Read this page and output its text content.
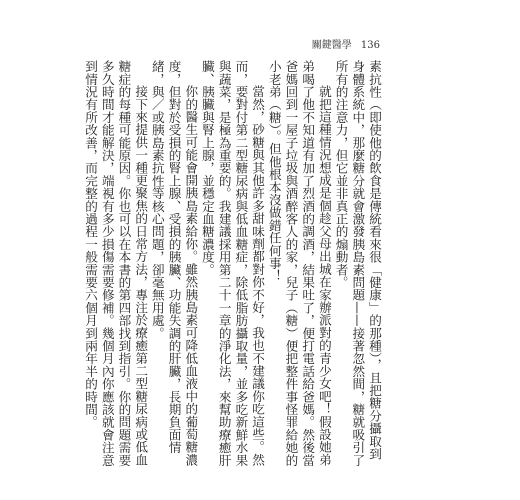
關鍵醫學 136

素抗性（即使他的飲食是傳統看來很「健康」的那種），且把糖分攝取到身體系統中，那麼糖分就會激發胰島素問題——接著忽然間，糖就吸引了所有的注意力，但它並非真正的煽動者。

就把這種情況想成是個趁父母出城在家辦派對的青少女吧！假設她弟弟喝了他不知道有加了烈酒的調酒，結果吐了，便打電話給爸媽。然後當爸媽回到一屋子垃圾與酒醉客人的家，兒子（糖）便把整件事怪罪給她的小老弟（糖）。但他根本沒做錯任何事！

當然，砂糖與其他許多甜味劑都對你不好，我也不建議你吃這些。然而，要對付第二型糖尿病與低血糖症，除低脂肪攝取量，並多吃新鮮水果與蔬菜，是極為重要的。我建議採用第二十一章的淨化法，來幫助療癒肝臟、胰臟與腎上腺，並穩定血糖濃度。

你的醫生可能會開胰島素給你。雖然胰島素可降低血液中的葡萄糖濃度，但對於受損的腎上腺、受損的胰臟、功能失調的肝臟，長期負面情緒，與／或胰島素抗性等核心問題，卻毫無用處。

接下來提供一種更聚焦的日常方法，專注於療癒第二型糖尿病或低血糖症的每種可能原因。你也可以在本書的第四部找到指引。你的問題需要多久時間才能解決，端視有多少損傷需要修補。幾個月內你應該就會注意到情況有所改善，而完整的過程一般需要六個月到兩年半的時間。
